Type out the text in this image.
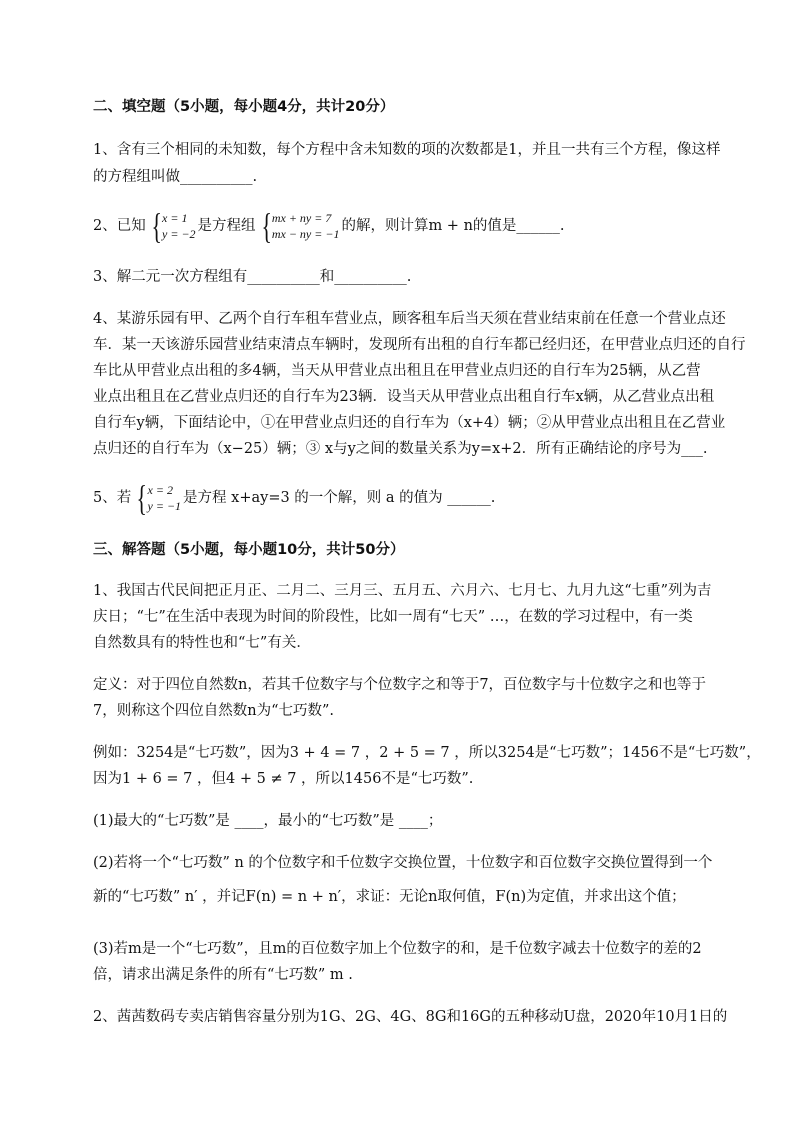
二、填空题（5小题，每小题4分，共计20分）
1、含有三个相同的未知数，每个方程中含未知数的项的次数都是1，并且一共有三个方程，像这样
的方程组叫做__________.
2、已知 { x = 1
y = −2 是方程组 { mx + ny = 7
mx − ny = −1 的解，则计算m + n的值是______.
3、解二元一次方程组有__________和__________.
4、某游乐园有甲、乙两个自行车租车营业点，顾客租车后当天须在营业结束前在任意一个营业点还
车．某一天该游乐园营业结束清点车辆时，发现所有出租的自行车都已经归还，在甲营业点归还的自行
车比从甲营业点出租的多4辆，当天从甲营业点出租且在甲营业点归还的自行车为25辆，从乙营
业点出租且在乙营业点归还的自行车为23辆．设当天从甲营业点出租自行车x辆，从乙营业点出租
自行车y辆，下面结论中，①在甲营业点归还的自行车为（x+4）辆；②从甲营业点出租且在乙营业
点归还的自行车为（x−25）辆；③ x与y之间的数量关系为y=x+2．所有正确结论的序号为___.
5、若 { x = 2
y = −1 是方程 x+ay=3 的一个解，则 a 的值为 ______.
三、解答题（5小题，每小题10分，共计50分）
1、我国古代民间把正月正、二月二、三月三、五月五、六月六、七月七、九月九这“七重”列为吉
庆日；“七”在生活中表现为时间的阶段性，比如一周有“七天” …，在数的学习过程中，有一类
自然数具有的特性也和“七”有关．
定义：对于四位自然数n，若其千位数字与个位数字之和等于7，百位数字与十位数字之和也等于
7，则称这个四位自然数n为“七巧数”.
例如：3254是“七巧数”，因为3 + 4 = 7 ，2 + 5 = 7 ，所以3254是“七巧数”；1456不是“七巧数”，
因为1 + 6 = 7 ，但4 + 5 ≠ 7 ，所以1456不是“七巧数”.
(1)最大的“七巧数”是 ____，最小的“七巧数”是 ____；
(2)若将一个“七巧数” n 的个位数字和千位数字交换位置，十位数字和百位数字交换位置得到一个
新的“七巧数” n′ ，并记F(n) = n + n′，求证：无论n取何值，F(n)为定值，并求出这个值；
(3)若m是一个“七巧数”，且m的百位数字加上个位数字的和，是千位数字减去十位数字的差的2
倍，请求出满足条件的所有“七巧数” m .
2、茜茜数码专卖店销售容量分别为1G、2G、4G、8G和16G的五种移动U盘，2020年10月1日的
